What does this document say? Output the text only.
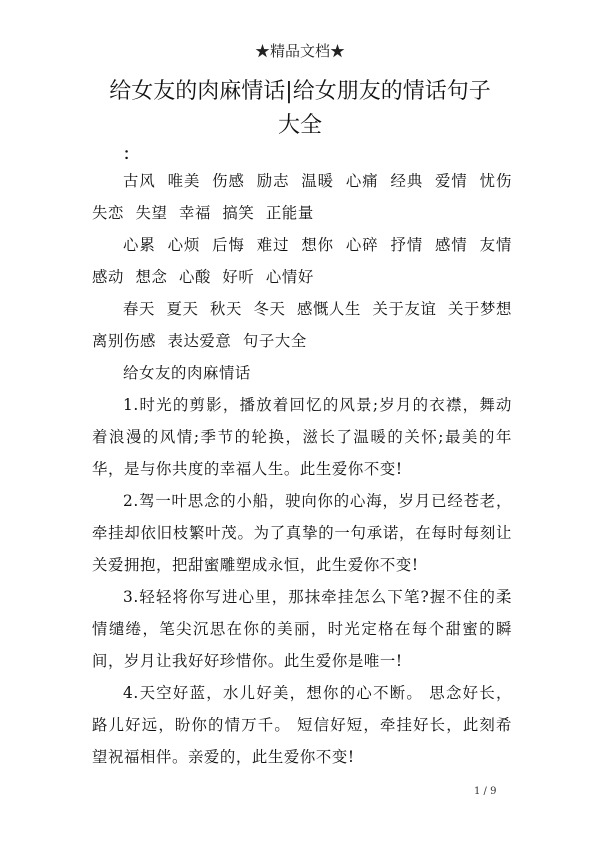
★精品文档★
给女友的肉麻情话|给女朋友的情话句子大全

：

古风 唯美 伤感 励志 温暖 心痛 经典 爱情 忧伤 失恋 失望 幸福 搞笑 正能量

心累 心烦 后悔 难过 想你 心碎 抒情 感情 友情 感动 想念 心酸 好听 心情好

春天 夏天 秋天 冬天 感慨人生 关于友谊 关于梦想 离别伤感 表达爱意 句子大全

给女友的肉麻情话

1.时光的剪影，播放着回忆的风景;岁月的衣襟，舞动着浪漫的风情;季节的轮换，滋长了温暖的关怀;最美的年华，是与你共度的幸福人生。此生爱你不变!

2.驾一叶思念的小船，驶向你的心海，岁月已经苍老，牵挂却依旧枝繁叶茂。为了真挚的一句承诺，在每时每刻让关爱拥抱，把甜蜜雕塑成永恒，此生爱你不变!

3.轻轻将你写进心里，那抹牵挂怎么下笔?握不住的柔情缱绻，笔尖沉思在你的美丽，时光定格在每个甜蜜的瞬间，岁月让我好好珍惜你。此生爱你是唯一!

4.天空好蓝，水儿好美，想你的心不断。 思念好长，路儿好远，盼你的情万千。 短信好短，牵挂好长，此刻希望祝福相伴。亲爱的，此生爱你不变!

1 / 9
